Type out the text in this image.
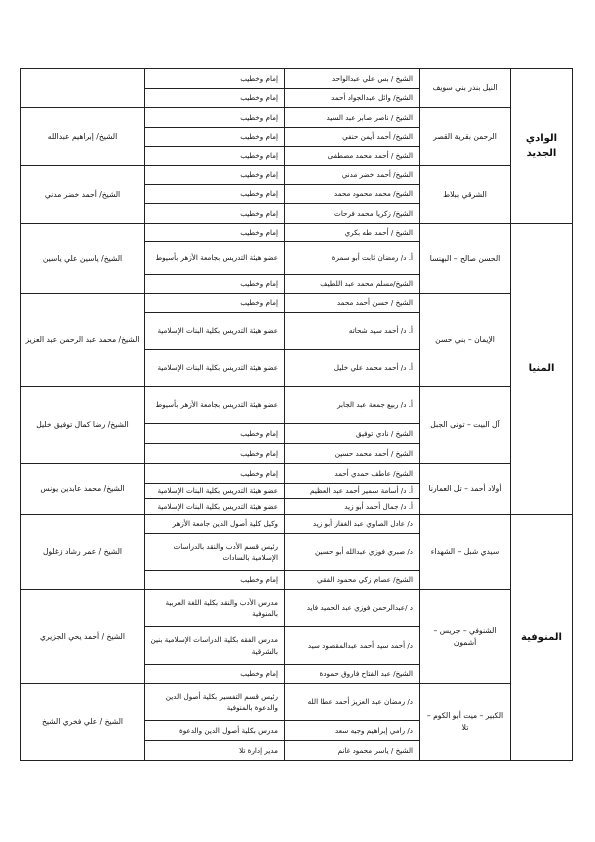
الوادي الجديد	النيل بندر بني سويف	الشيخ / بس علي عبدالواحد	إمام وخطيب	
		الشيخ/ وائل عبدالجواد أحمد	إمام وخطيب	
	الرحمن بقرية القصر	الشيخ / ناصر صابر عبد السيد	إمام وخطيب	الشيخ/ إبراهيم عبدالله
		الشيخ/ أحمد أيمن حنفي	إمام وخطيب	
		الشيخ / أحمد محمد مصطفى	إمام وخطيب	
	الشرقي ببلاط	الشيخ/ أحمد خضر مدني	إمام وخطيب	الشيخ/ أحمد خضر مدني
		الشيخ/ محمد محمود محمد	إمام وخطيب	
		الشيخ/ زكريا محمد فرحات	إمام وخطيب	
المنيا	الحسن صالح – البهنسا	الشيخ / أحمد طه بكري	إمام وخطيب	الشيخ/ ياسين علي ياسين
		أ. د/ رمضان ثابت أبو سمرة	عضو هيئة التدريس بجامعة الأزهر بأسيوط	
		الشيخ/مسلم محمد عبد اللطيف	إمام وخطيب	
	الإيمان – بني حسن	الشيخ / حسن أحمد محمد	إمام وخطيب	الشيخ/ محمد عبد الرحمن عبد العزيز
		أ. د/ أحمد سيد شحاته	عضو هيئة التدريس بكلية البنات الإسلامية	
		أ. د/ أحمد محمد علي خليل	عضو هيئة التدريس بكلية البنات الإسلامية	
	آل البيت – تونى الجبل	أ. د/ ربيع جمعة عبد الجابر	عضو هيئة التدريس بجامعة الأزهر بأسيوط	الشيخ/ رضا كمال توفيق خليل
		الشيخ / نادي توفيق	إمام وخطيب	
		الشيخ / أحمد محمد حسين	إمام وخطيب	
	أولاد أحمد – تل العمارنا	الشيخ/ عاطف حمدي أحمد	إمام وخطيب	الشيخ/ محمد عابدين يونس
		أ. د/ أسامة سمير أحمد عبد العظيم	عضو هيئة التدريس بكلية البنات الإسلامية	
		أ. د/ جمال أحمد أبو زيد	عضو هيئة التدريس بكلية البنات الإسلامية	
المنوفية	سيدي شبل – الشهداء	د/ عادل الصاوي عبد الغفار أبو زيد	وكيل كلية أصول الدين جامعة الأزهر	الشيخ / عمر رشاد زغلول
		د/ صبري فوزي عبدالله أبو حسين	رئيس قسم الأدب والنقد بالدراسات الإسلامية بالسادات	
		الشيخ/ عصام زكي محمود الفقي	إمام وخطيب	
	الشنوفي – جريس – أشمون	د /عبدالرحمن فوزي عبد الحميد فايد	مدرس الأدب والنقد بكلية اللغة العربية بالمنوفية	الشيخ / أحمد يحي الجزيري
		د/ أحمد سيد أحمد عبدالمقصود سيد	مدرس الفقه بكلية الدراسات الإسلامية بنين بالشرقية	
		الشيخ/ عبد الفتاح فاروق حمودة	إمام وخطيب	
	الكبير – ميت أبو الكوم – تلا	د/ رمضان عبد العزيز أحمد عطا الله	رئيس قسم التفسير بكلية أصول الدين والدعوة بالمنوفية	الشيخ / علي فخري الشيخ
		د/ رامي إبراهيم وجيه سعد	مدرس بكلية أصول الدين والدعوة	
		الشيخ / ياسر محمود غانم	مدير إدارة تلا	
